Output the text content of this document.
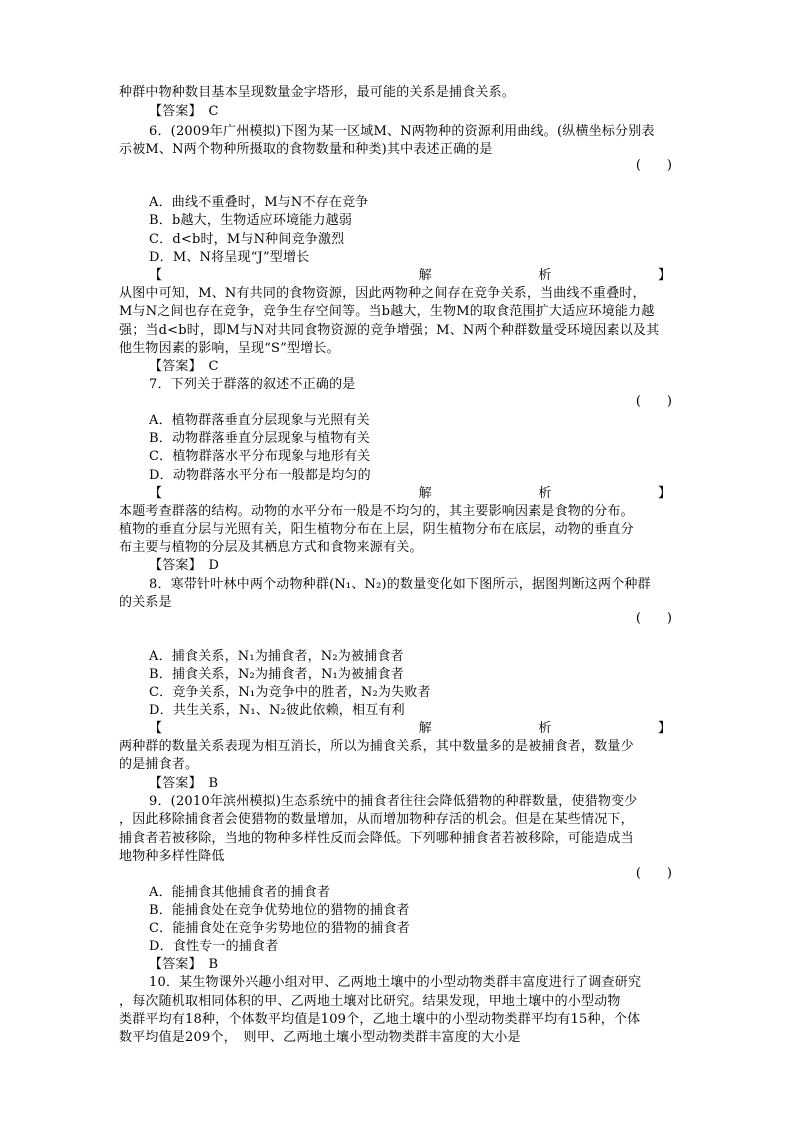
种群中物种数目基本呈现数量金字塔形，最可能的关系是捕食关系。
【答案】　C
6．(2009年广州模拟)下图为某一区域M、N两物种的资源利用曲线。(纵横坐标分别表
示被M、N两个物种所摄取的食物数量和种类)其中表述正确的是
(　　)
A．曲线不重叠时，M与N不存在竞争
B．b越大，生物适应环境能力越弱
C．d<b时，M与N种间竞争激烈
D．M、N将呈现“J”型增长
【	解	析	】
从图中可知，M、N有共同的食物资源，因此两物种之间存在竞争关系，当曲线不重叠时，
M与N之间也存在竞争，竞争生存空间等。当b越大，生物M的取食范围扩大适应环境能力越
强；当d<b时，即M与N对共同食物资源的竞争增强；M、N两个种群数量受环境因素以及其
他生物因素的影响，呈现“S”型增长。
【答案】　C
7．下列关于群落的叙述不正确的是
(　　)
A．植物群落垂直分层现象与光照有关
B．动物群落垂直分层现象与植物有关
C．植物群落水平分布现象与地形有关
D．动物群落水平分布一般都是均匀的
【	解	析	】
本题考查群落的结构。动物的水平分布一般是不均匀的，其主要影响因素是食物的分布。
植物的垂直分层与光照有关，阳生植物分布在上层，阴生植物分布在底层，动物的垂直分
布主要与植物的分层及其栖息方式和食物来源有关。
【答案】　D
8．寒带针叶林中两个动物种群(N₁、N₂)的数量变化如下图所示，据图判断这两个种群
的关系是
(　　)
A．捕食关系，N₁为捕食者，N₂为被捕食者
B．捕食关系，N₂为捕食者，N₁为被捕食者
C．竞争关系，N₁为竞争中的胜者，N₂为失败者
D．共生关系，N₁、N₂彼此依赖，相互有利
【	解	析	】
两种群的数量关系表现为相互消长，所以为捕食关系，其中数量多的是被捕食者，数量少
的是捕食者。
【答案】　B
9．(2010年滨州模拟)生态系统中的捕食者往往会降低猎物的种群数量，使猎物变少
，因此移除捕食者会使猎物的数量增加，从而增加物种存活的机会。但是在某些情况下，
捕食者若被移除，当地的物种多样性反而会降低。下列哪种捕食者若被移除，可能造成当
地物种多样性降低
(　　)
A．能捕食其他捕食者的捕食者
B．能捕食处在竞争优势地位的猎物的捕食者
C．能捕食处在竞争劣势地位的猎物的捕食者
D．食性专一的捕食者
【答案】　B
10．某生物课外兴趣小组对甲、乙两地土壤中的小型动物类群丰富度进行了调查研究
，每次随机取相同体积的甲、乙两地土壤对比研究。结果发现，甲地土壤中的小型动物
类群平均有18种，个体数平均值是109个，乙地土壤中的小型动物类群平均有15种，个体
数平均值是209个，　则甲、乙两地土壤小型动物类群丰富度的大小是
